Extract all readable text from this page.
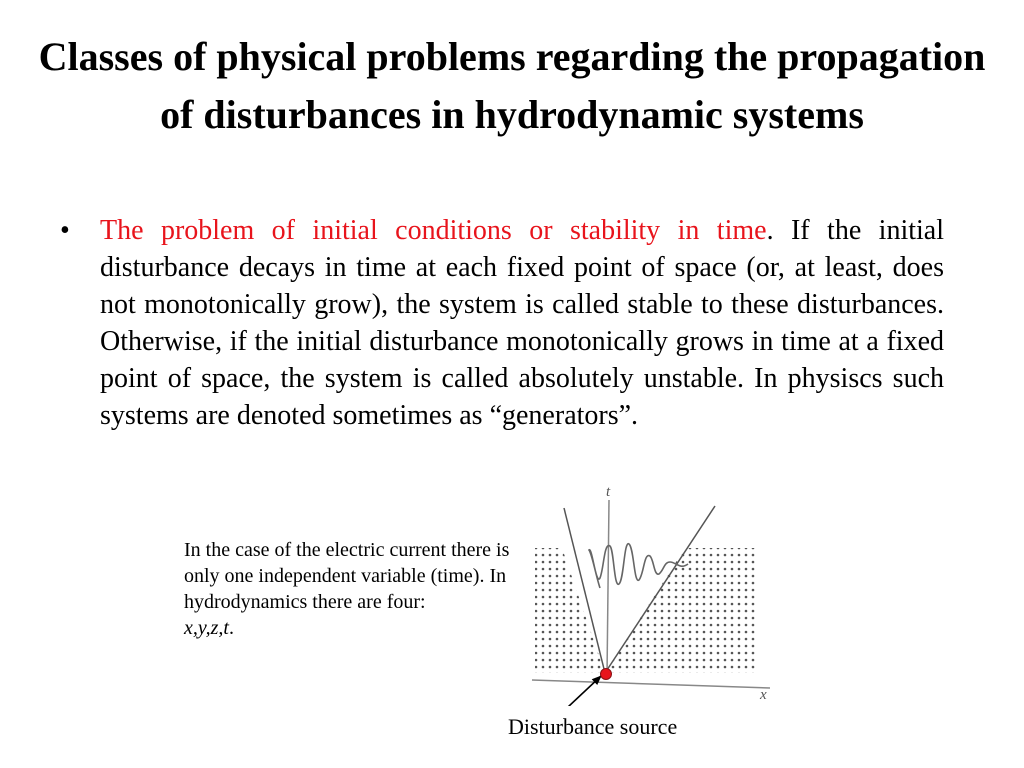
Classes of physical problems regarding the propagation of disturbances in hydrodynamic systems
• The problem of initial conditions or stability in time. If the initial disturbance decays in time at each fixed point of space (or, at least, does not monotonically grow), the system is called stable to these disturbances. Otherwise, if the initial disturbance monotonically grows in time at a fixed point of space, the system is called absolutely unstable. In physiscs such systems are denoted sometimes as “generators”.
In the case of the electric current there is only one independent variable (time). In hydrodynamics there are four:
x,y,z,t.
t
x
Disturbance source
